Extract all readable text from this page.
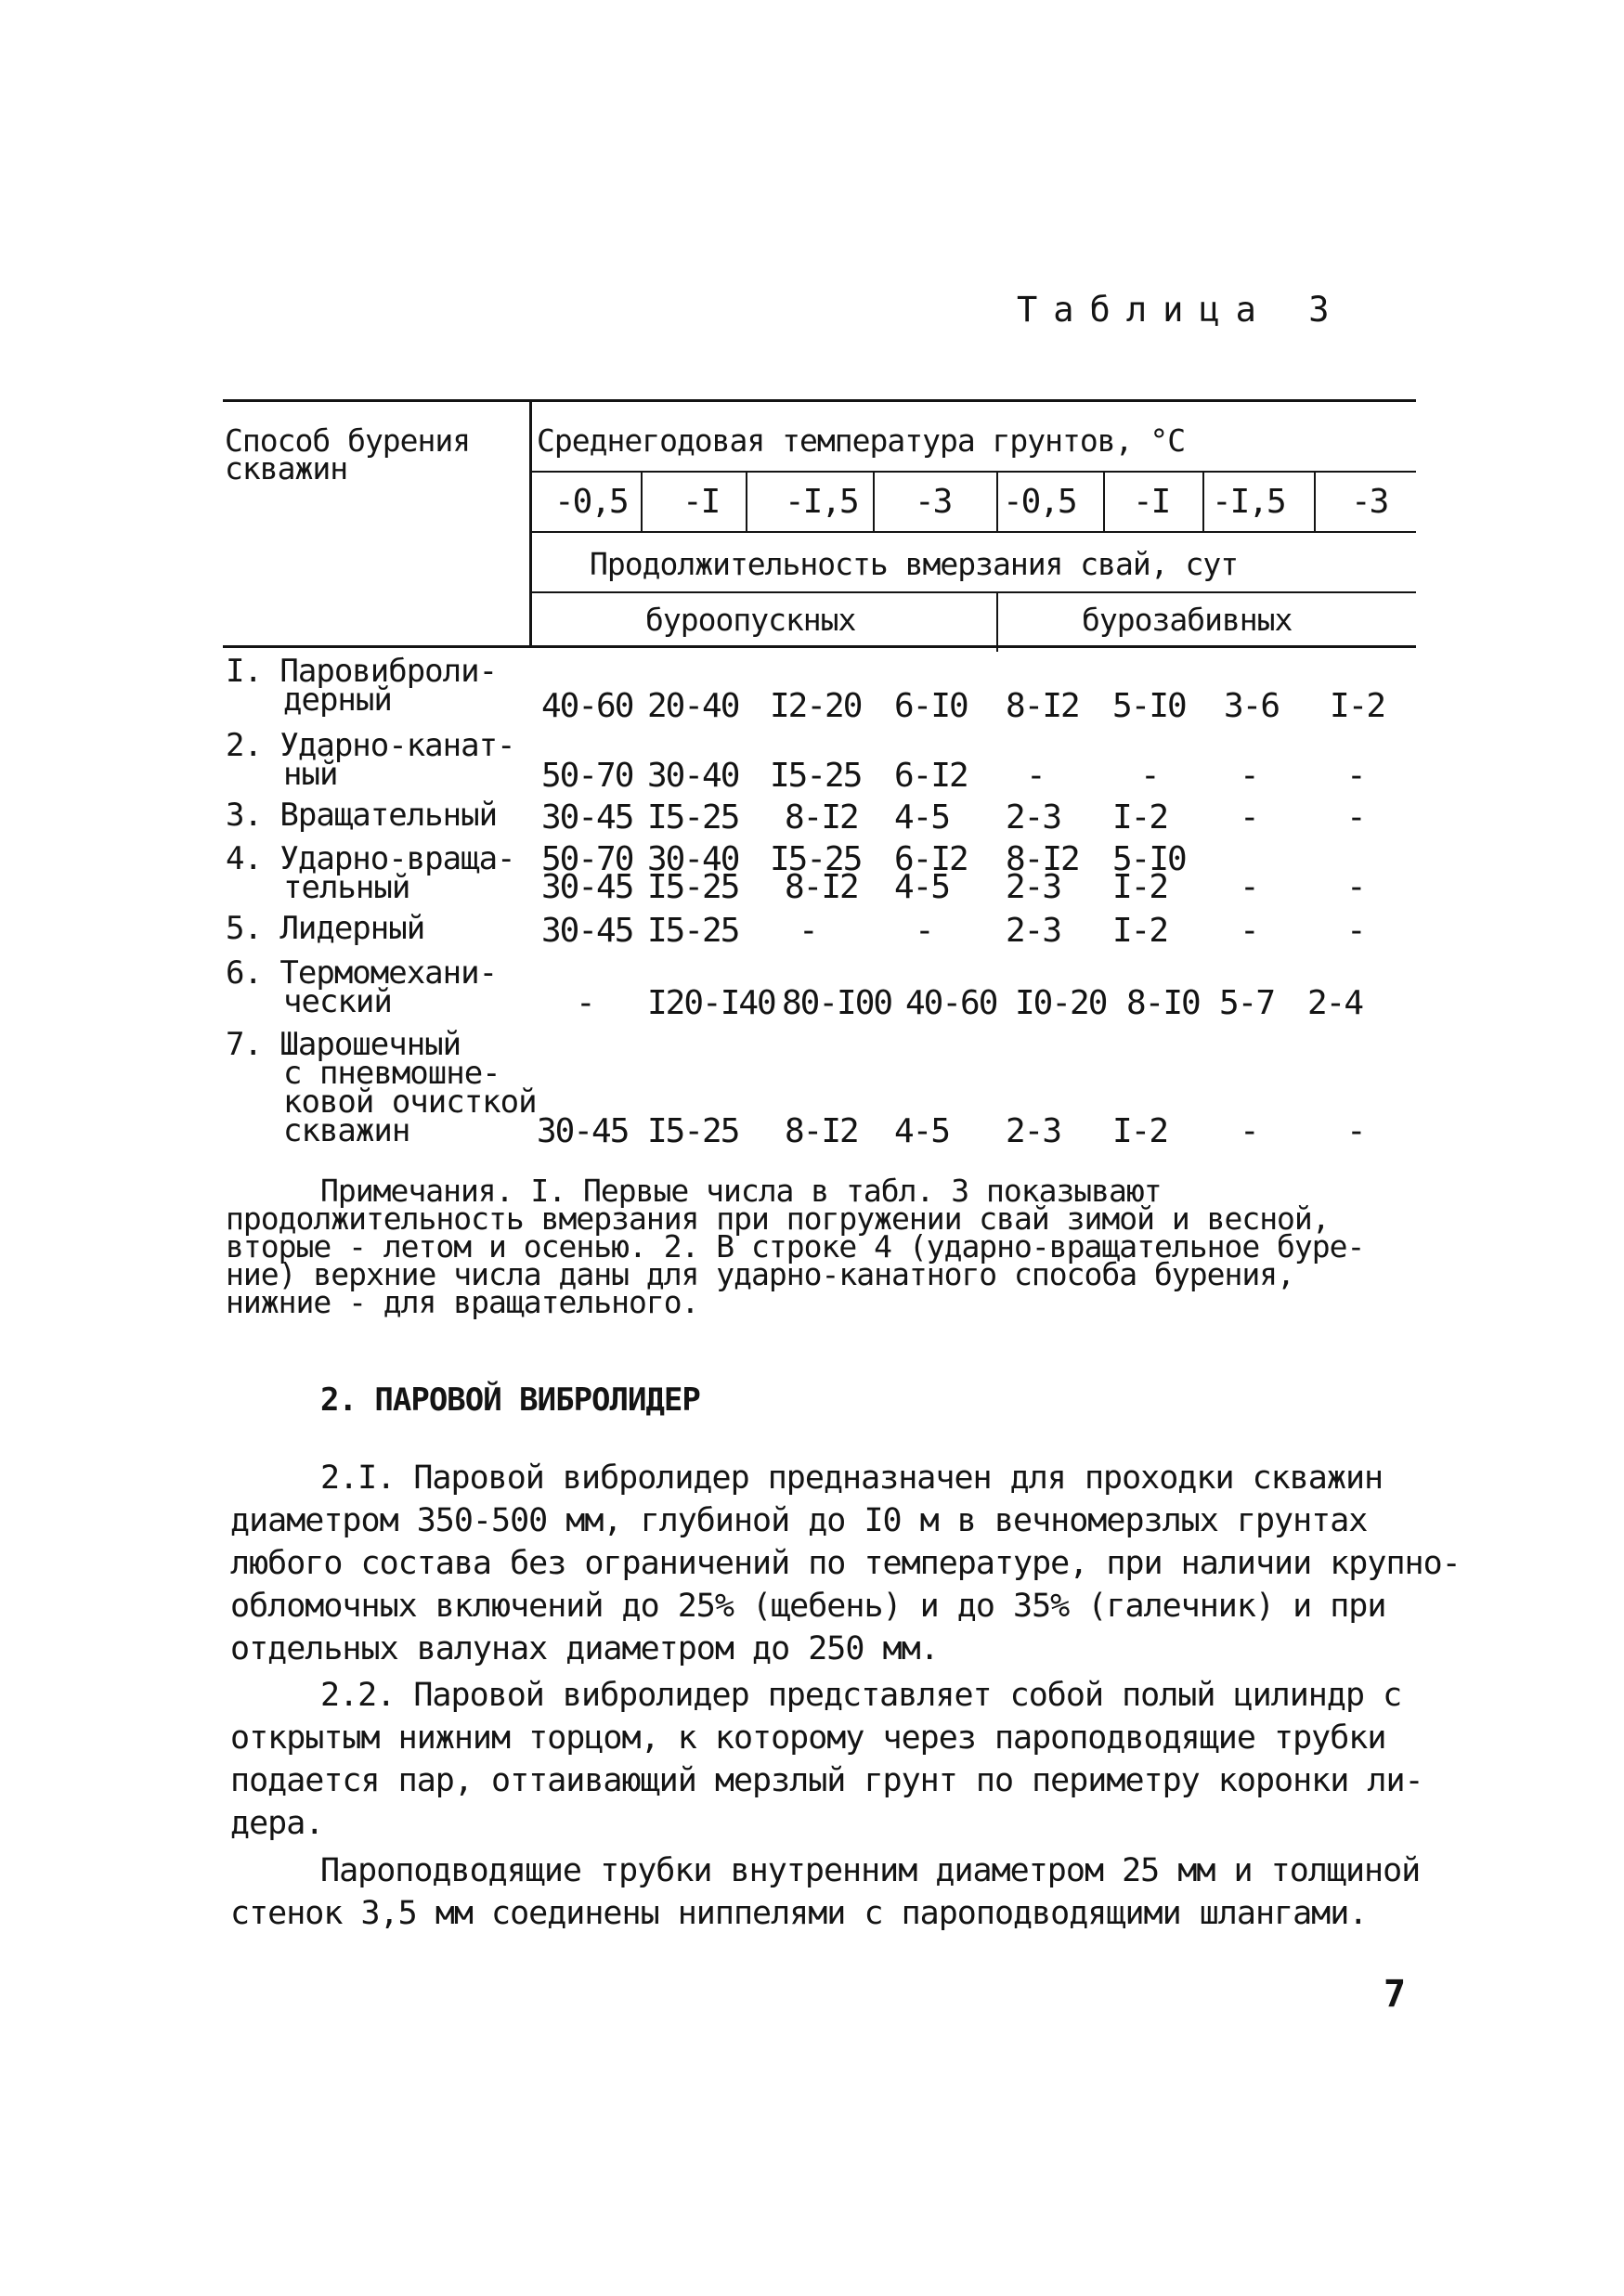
Таблица 3
Способ бурения
скважин
Среднегодовая температура грунтов, °С
-0,5 -I -I,5 -3 -0,5 -I -I,5 -3
Продолжительность вмерзания свай, сут
буроопускных	бурозабивных
I. Паровиброли-
дерный	40-60 20-40 I2-20 6-I0 8-I2 5-I0 3-6 I-2
2. Ударно-канат-
ный	50-70 30-40 I5-25 6-I2 -	- -	-
3. Вращательный 30-45 I5-25 8-I2 4-5 2-3 I-2 -	-
4. Ударно-враща-
тельный
50-70 30-40 I5-25 6-I2 8-I2 5-I0
30-45 I5-25 8-I2 4-5 2-3 I-2 -	-
5. Лидерный	30-45 I5-25 -	- 2-3 I-2 -	-
6. Термомехани-
ческий	- I20-I40 80-I00 40-60 I0-20 8-I0 5-7 2-4
7. Шарошечный
с пневмошне-
ковой очисткой
скважин	30-45 I5-25 8-I2 4-5 2-3 I-2 -	-
Примечания. I. Первые числа в табл. 3 показывают
продолжительность вмерзания при погружении свай зимой и весной,
вторые - летом и осенью. 2. В строке 4 (ударно-вращательное буре-
ние) верхние числа даны для ударно-канатного способа бурения,
нижние - для вращательного.
2. ПАРОВОЙ ВИБРОЛИДЕР
2.I. Паровой вибролидер предназначен для проходки скважин
диаметром 350-500 мм, глубиной до I0 м в вечномерзлых грунтах
любого состава без ограничений по температуре, при наличии крупно-
обломочных включений до 25% (щебень) и до 35% (галечник) и при
отдельных валунах диаметром до 250 мм.
2.2. Паровой вибролидер представляет собой полый цилиндр с
открытым нижним торцом, к которому через пароподводящие трубки
подается пар, оттаивающий мерзлый грунт по периметру коронки ли-
дера.
Пароподводящие трубки внутренним диаметром 25 мм и толщиной
стенок 3,5 мм соединены ниппелями с пароподводящими шлангами.
7
